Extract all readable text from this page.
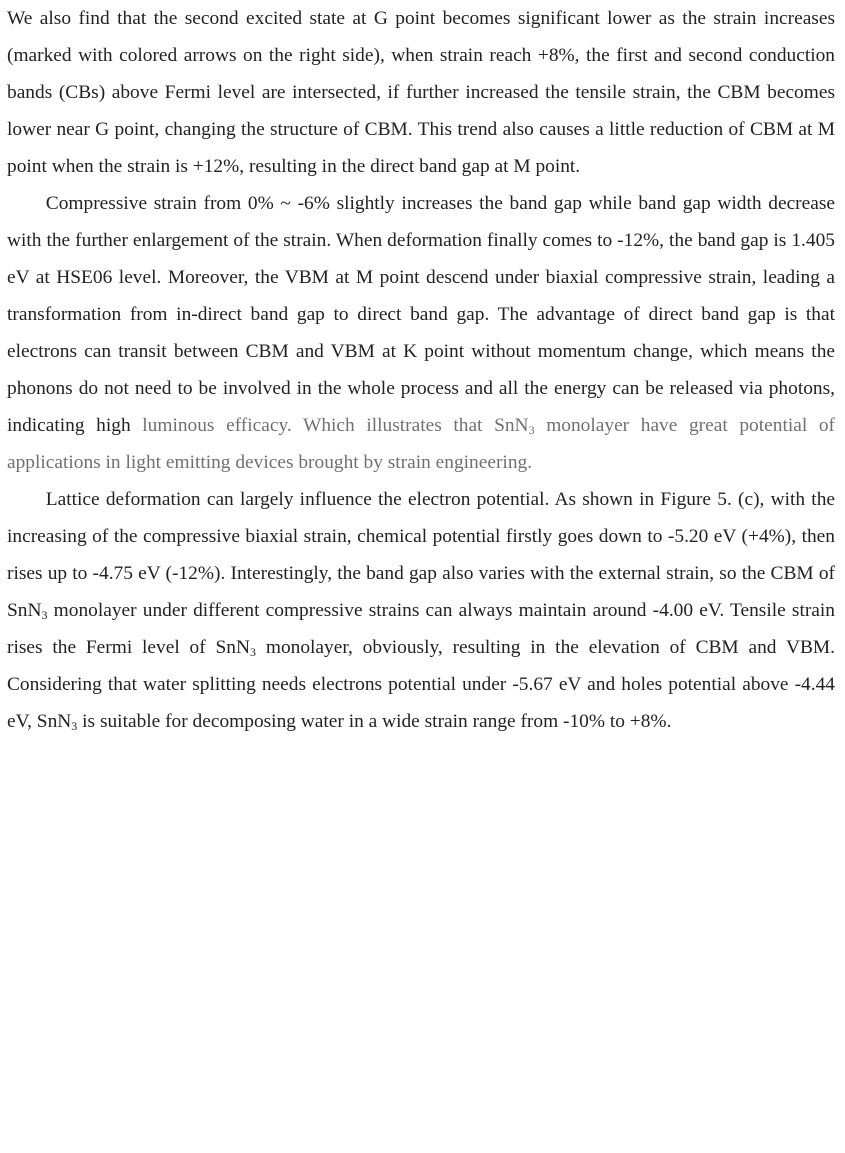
We also find that the second excited state at G point becomes significant lower as the strain increases (marked with colored arrows on the right side), when strain reach +8%, the first and second conduction bands (CBs) above Fermi level are intersected, if further increased the tensile strain, the CBM becomes lower near G point, changing the structure of CBM. This trend also causes a little reduction of CBM at M point when the strain is +12%, resulting in the direct band gap at M point.

Compressive strain from 0% ~ -6% slightly increases the band gap while band gap width decrease with the further enlargement of the strain. When deformation finally comes to -12%, the band gap is 1.405 eV at HSE06 level. Moreover, the VBM at M point descend under biaxial compressive strain, leading a transformation from in-direct band gap to direct band gap. The advantage of direct band gap is that electrons can transit between CBM and VBM at K point without momentum change, which means the phonons do not need to be involved in the whole process and all the energy can be released via photons, indicating high luminous efficacy. Which illustrates that SnN$_3$ monolayer have great potential of applications in light emitting devices brought by strain engineering.

Lattice deformation can largely influence the electron potential. As shown in Figure 5. (c), with the increasing of the compressive biaxial strain, chemical potential firstly goes down to -5.20 eV (+4%), then rises up to -4.75 eV (-12%). Interestingly, the band gap also varies with the external strain, so the CBM of SnN$_3$ monolayer under different compressive strains can always maintain around -4.00 eV. Tensile strain rises the Fermi level of SnN$_3$ monolayer, obviously, resulting in the elevation of CBM and VBM. Considering that water splitting needs electrons potential under -5.67 eV and holes potential above -4.44 eV, SnN$_3$ is suitable for decomposing water in a wide strain range from -10% to +8%.
